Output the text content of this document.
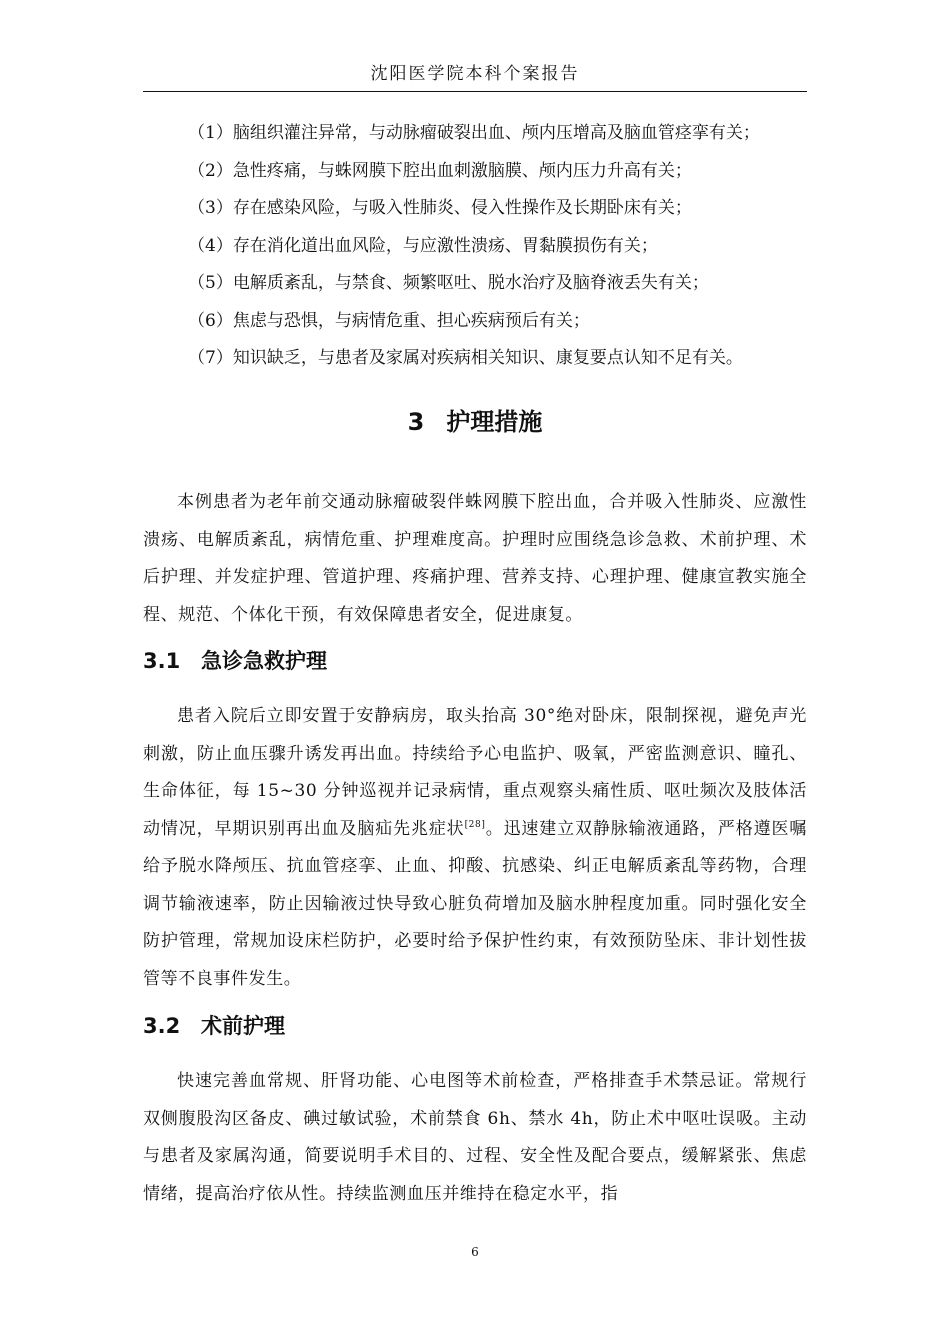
沈阳医学院本科个案报告
（1）脑组织灌注异常，与动脉瘤破裂出血、颅内压增高及脑血管痉挛有关；
（2）急性疼痛，与蛛网膜下腔出血刺激脑膜、颅内压力升高有关；
（3）存在感染风险，与吸入性肺炎、侵入性操作及长期卧床有关；
（4）存在消化道出血风险，与应激性溃疡、胃黏膜损伤有关；
（5）电解质紊乱，与禁食、频繁呕吐、脱水治疗及脑脊液丢失有关；
（6）焦虑与恐惧，与病情危重、担心疾病预后有关；
（7）知识缺乏，与患者及家属对疾病相关知识、康复要点认知不足有关。
3 护理措施

本例患者为老年前交通动脉瘤破裂伴蛛网膜下腔出血，合并吸入性肺炎、应激性溃疡、电解质紊乱，病情危重、护理难度高。护理时应围绕急诊急救、术前护理、术后护理、并发症护理、管道护理、疼痛护理、营养支持、心理护理、健康宣教实施全程、规范、个体化干预，有效保障患者安全，促进康复。

3.1 急诊急救护理

患者入院后立即安置于安静病房，取头抬高 30°绝对卧床，限制探视，避免声光刺激，防止血压骤升诱发再出血。持续给予心电监护、吸氧，严密监测意识、瞳孔、生命体征，每 15~30 分钟巡视并记录病情，重点观察头痛性质、呕吐频次及肢体活动情况，早期识别再出血及脑疝先兆症状[28]。迅速建立双静脉输液通路，严格遵医嘱给予脱水降颅压、抗血管痉挛、止血、抑酸、抗感染、纠正电解质紊乱等药物，合理调节输液速率，防止因输液过快导致心脏负荷增加及脑水肿程度加重。同时强化安全防护管理，常规加设床栏防护，必要时给予保护性约束，有效预防坠床、非计划性拔管等不良事件发生。

3.2 术前护理

快速完善血常规、肝肾功能、心电图等术前检查，严格排查手术禁忌证。常规行双侧腹股沟区备皮、碘过敏试验，术前禁食 6h、禁水 4h，防止术中呕吐误吸。主动与患者及家属沟通，简要说明手术目的、过程、安全性及配合要点，缓解紧张、焦虑情绪，提高治疗依从性。持续监测血压并维持在稳定水平，指

6
